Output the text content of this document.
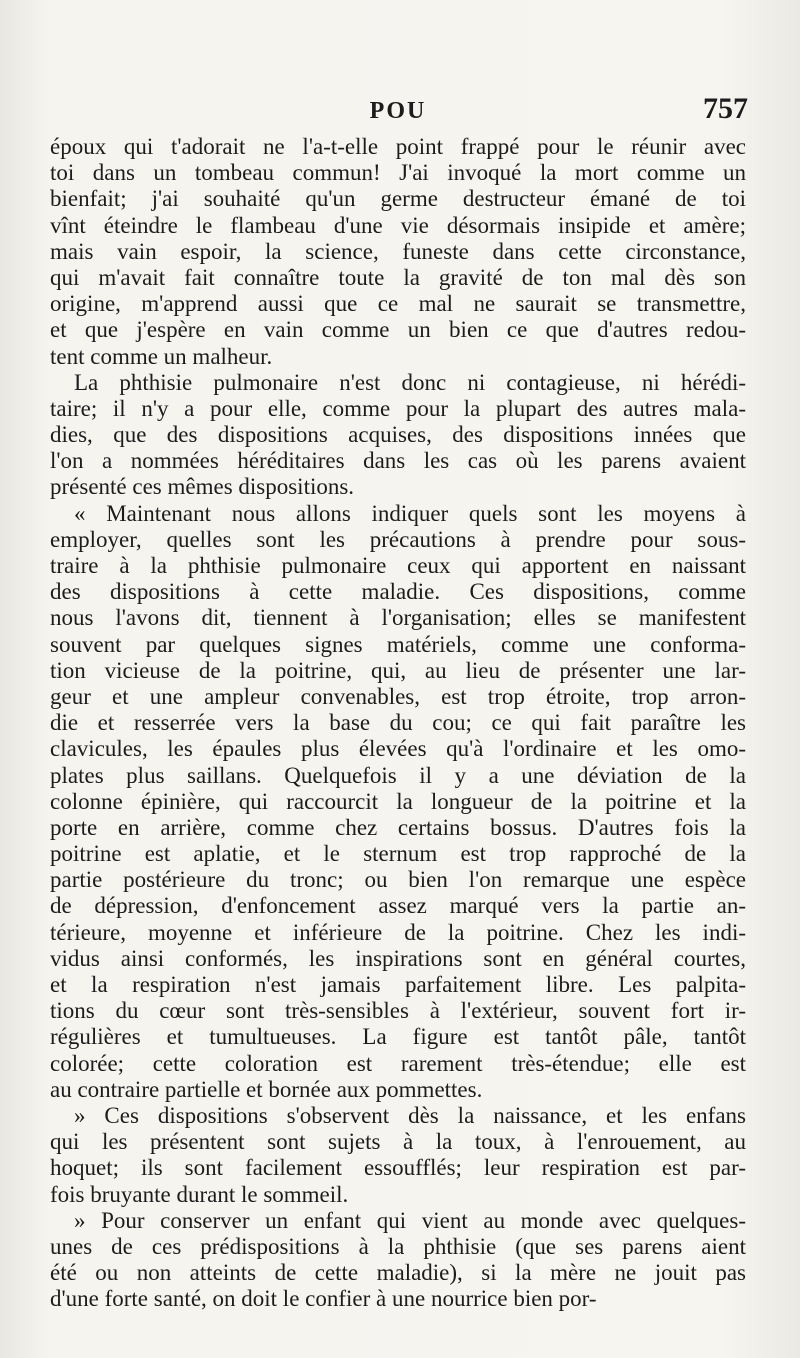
POU	757
époux qui t'adorait ne l'a-t-elle point frappé pour le réunir avec
toi dans un tombeau commun! J'ai invoqué la mort comme un
bienfait; j'ai souhaité qu'un germe destructeur émané de toi
vînt éteindre le flambeau d'une vie désormais insipide et amère;
mais vain espoir, la science, funeste dans cette circonstance,
qui m'avait fait connaître toute la gravité de ton mal dès son
origine, m'apprend aussi que ce mal ne saurait se transmettre,
et que j'espère en vain comme un bien ce que d'autres redou-
tent comme un malheur.
La phthisie pulmonaire n'est donc ni contagieuse, ni hérédi-
taire; il n'y a pour elle, comme pour la plupart des autres mala-
dies, que des dispositions acquises, des dispositions innées que
l'on a nommées héréditaires dans les cas où les parens avaient
présenté ces mêmes dispositions.
« Maintenant nous allons indiquer quels sont les moyens à
employer, quelles sont les précautions à prendre pour sous-
traire à la phthisie pulmonaire ceux qui apportent en naissant
des dispositions à cette maladie. Ces dispositions, comme
nous l'avons dit, tiennent à l'organisation; elles se manifestent
souvent par quelques signes matériels, comme une conforma-
tion vicieuse de la poitrine, qui, au lieu de présenter une lar-
geur et une ampleur convenables, est trop étroite, trop arron-
die et resserrée vers la base du cou; ce qui fait paraître les
clavicules, les épaules plus élevées qu'à l'ordinaire et les omo-
plates plus saillans. Quelquefois il y a une déviation de la
colonne épinière, qui raccourcit la longueur de la poitrine et la
porte en arrière, comme chez certains bossus. D'autres fois la
poitrine est aplatie, et le sternum est trop rapproché de la
partie postérieure du tronc; ou bien l'on remarque une espèce
de dépression, d'enfoncement assez marqué vers la partie an-
térieure, moyenne et inférieure de la poitrine. Chez les indi-
vidus ainsi conformés, les inspirations sont en général courtes,
et la respiration n'est jamais parfaitement libre. Les palpita-
tions du cœur sont très-sensibles à l'extérieur, souvent fort ir-
régulières et tumultueuses. La figure est tantôt pâle, tantôt
colorée; cette coloration est rarement très-étendue; elle est
au contraire partielle et bornée aux pommettes.
» Ces dispositions s'observent dès la naissance, et les enfans
qui les présentent sont sujets à la toux, à l'enrouement, au
hoquet; ils sont facilement essoufflés; leur respiration est par-
fois bruyante durant le sommeil.
» Pour conserver un enfant qui vient au monde avec quelques-
unes de ces prédispositions à la phthisie (que ses parens aient
été ou non atteints de cette maladie), si la mère ne jouit pas
d'une forte santé, on doit le confier à une nourrice bien por-
